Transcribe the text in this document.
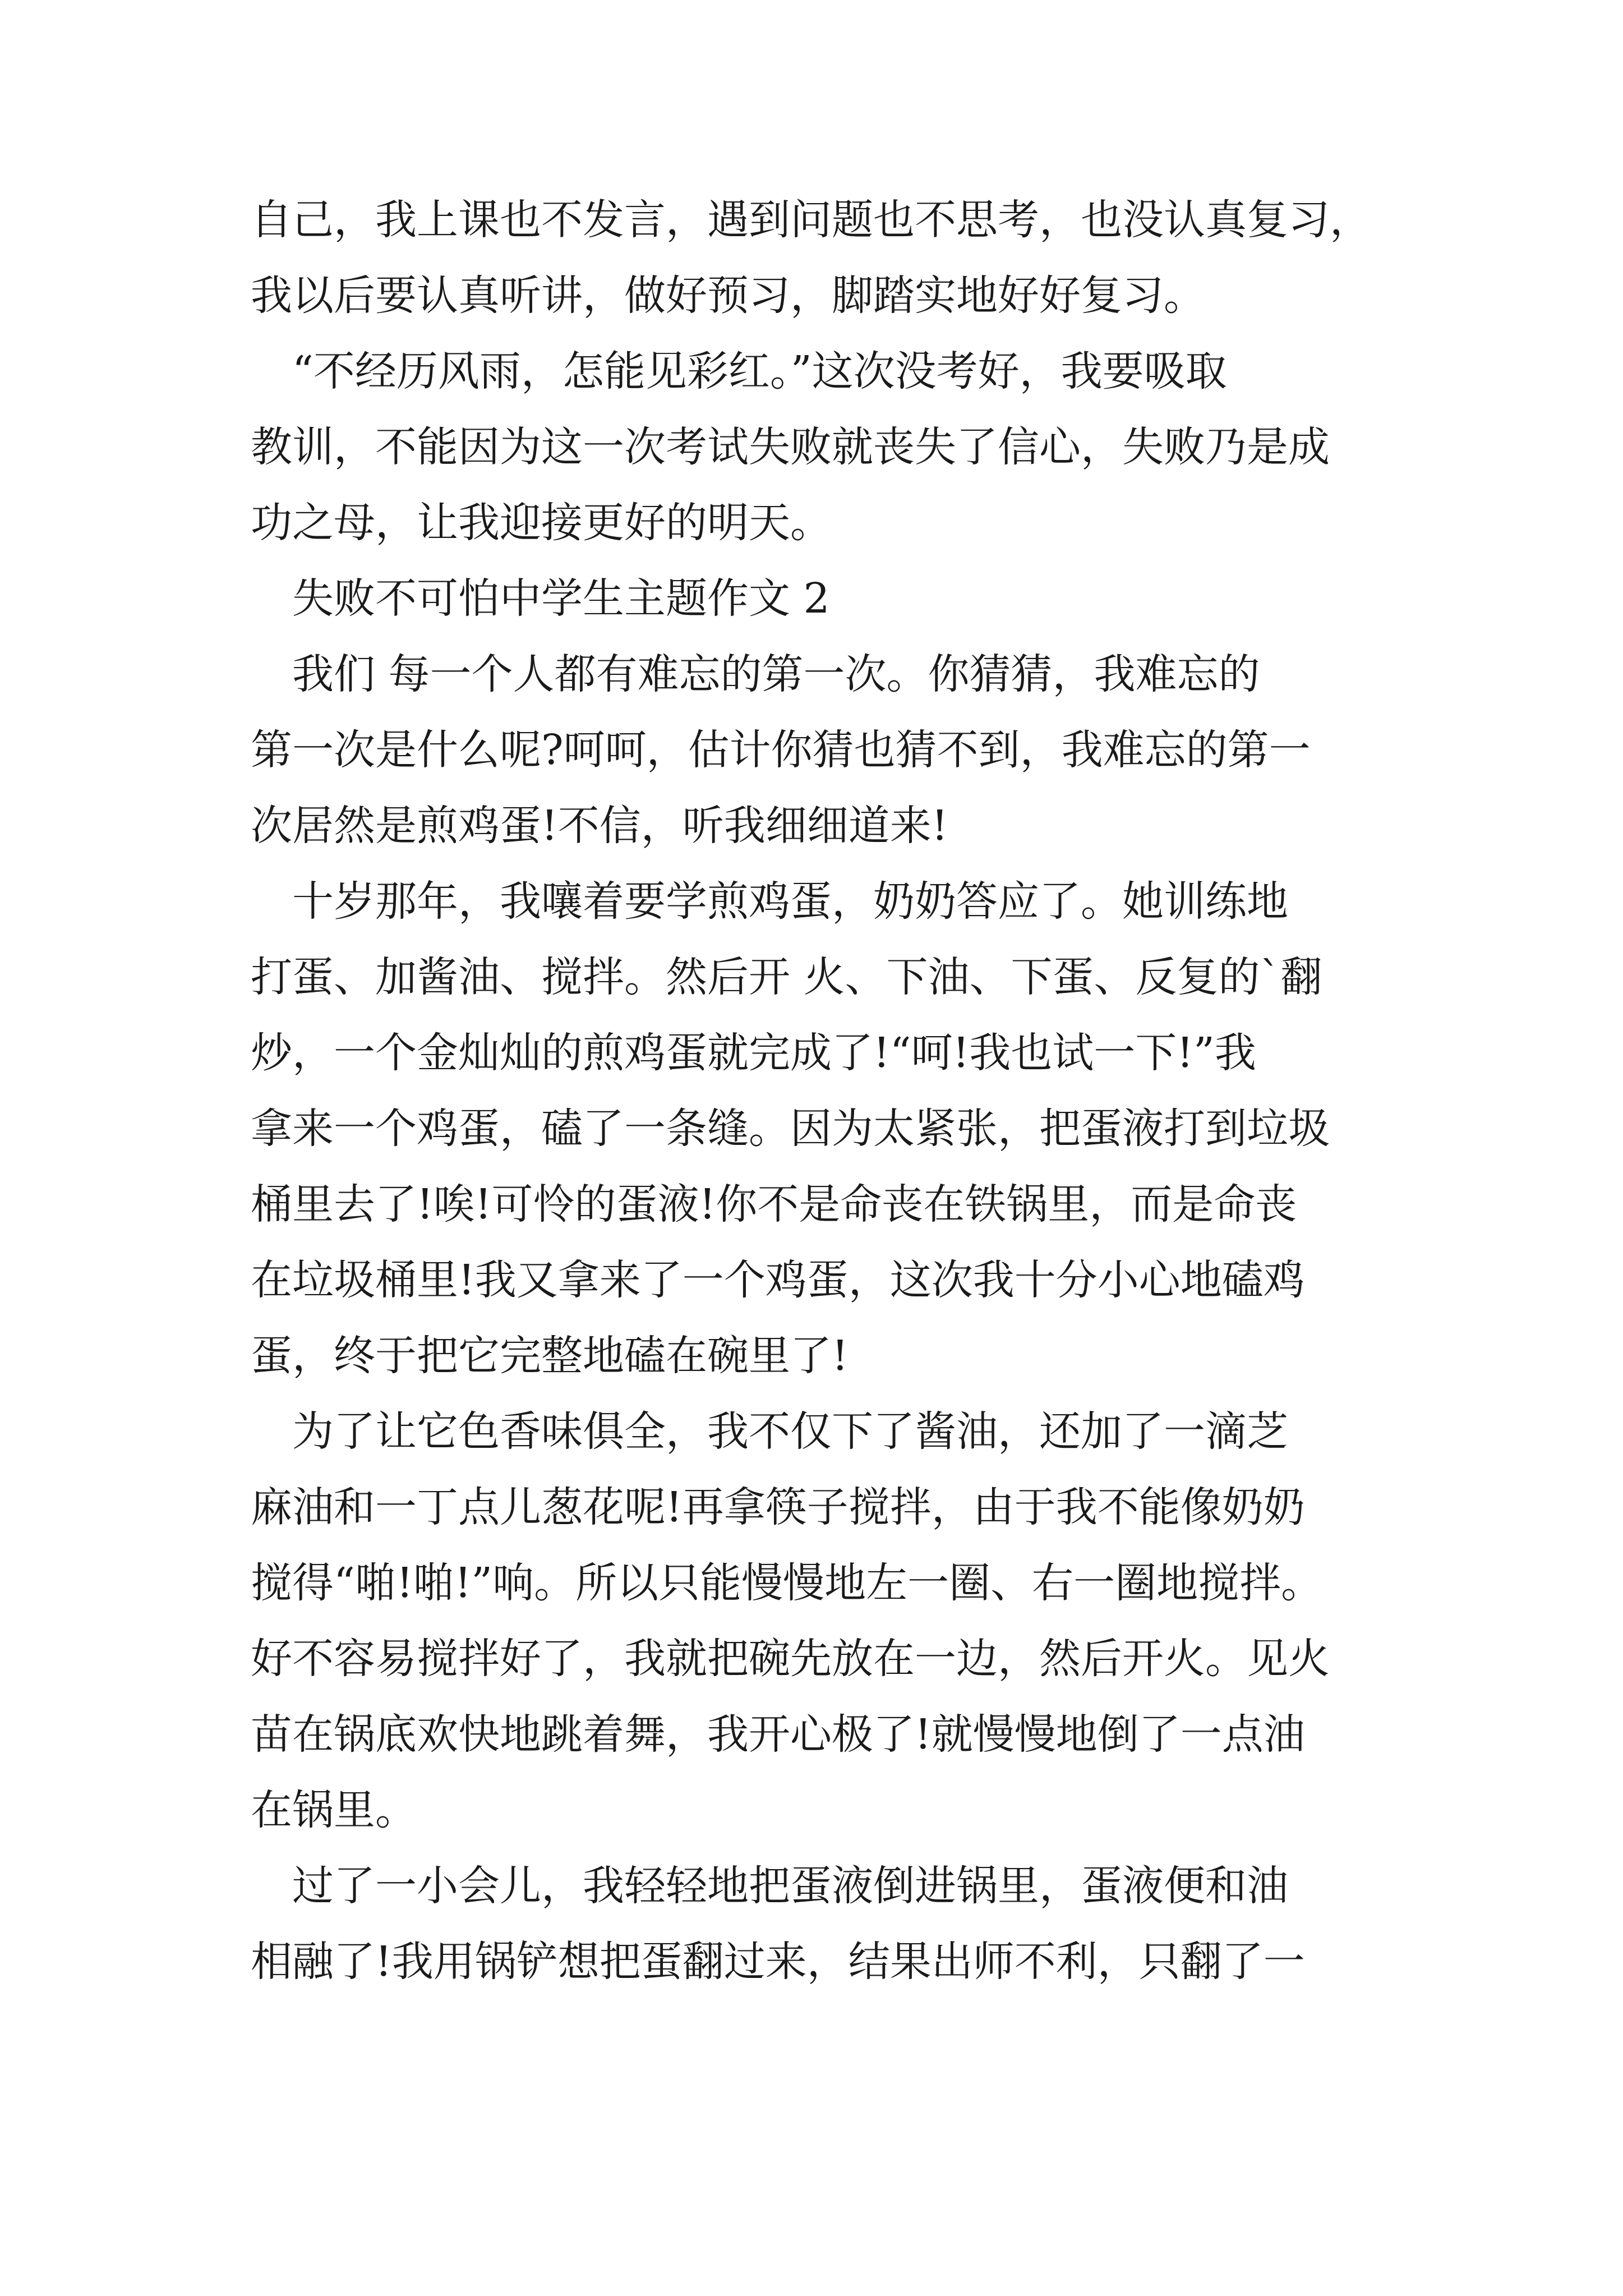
自己，我上课也不发言，遇到问题也不思考，也没认真复习，
我以后要认真听讲，做好预习，脚踏实地好好复习。
　“不经历风雨，怎能见彩红。”这次没考好，我要吸取
教训，不能因为这一次考试失败就丧失了信心，失败乃是成
功之母，让我迎接更好的明天。
　失败不可怕中学生主题作文 2
　我们 每一个人都有难忘的第一次。你猜猜，我难忘的
第一次是什么呢?呵呵，估计你猜也猜不到，我难忘的第一
次居然是煎鸡蛋!不信，听我细细道来!
　十岁那年，我嚷着要学煎鸡蛋，奶奶答应了。她训练地
打蛋、加酱油、搅拌。然后开 火、下油、下蛋、反复的`翻
炒，一个金灿灿的煎鸡蛋就完成了!“呵!我也试一下!”我
拿来一个鸡蛋，磕了一条缝。因为太紧张，把蛋液打到垃圾
桶里去了!唉!可怜的蛋液!你不是命丧在铁锅里，而是命丧
在垃圾桶里!我又拿来了一个鸡蛋，这次我十分小心地磕鸡
蛋，终于把它完整地磕在碗里了!
　为了让它色香味俱全，我不仅下了酱油，还加了一滴芝
麻油和一丁点儿葱花呢!再拿筷子搅拌，由于我不能像奶奶
搅得“啪!啪!”响。所以只能慢慢地左一圈、右一圈地搅拌。
好不容易搅拌好了，我就把碗先放在一边，然后开火。见火
苗在锅底欢快地跳着舞，我开心极了!就慢慢地倒了一点油
在锅里。
　过了一小会儿，我轻轻地把蛋液倒进锅里，蛋液便和油
相融了!我用锅铲想把蛋翻过来，结果出师不利，只翻了一
